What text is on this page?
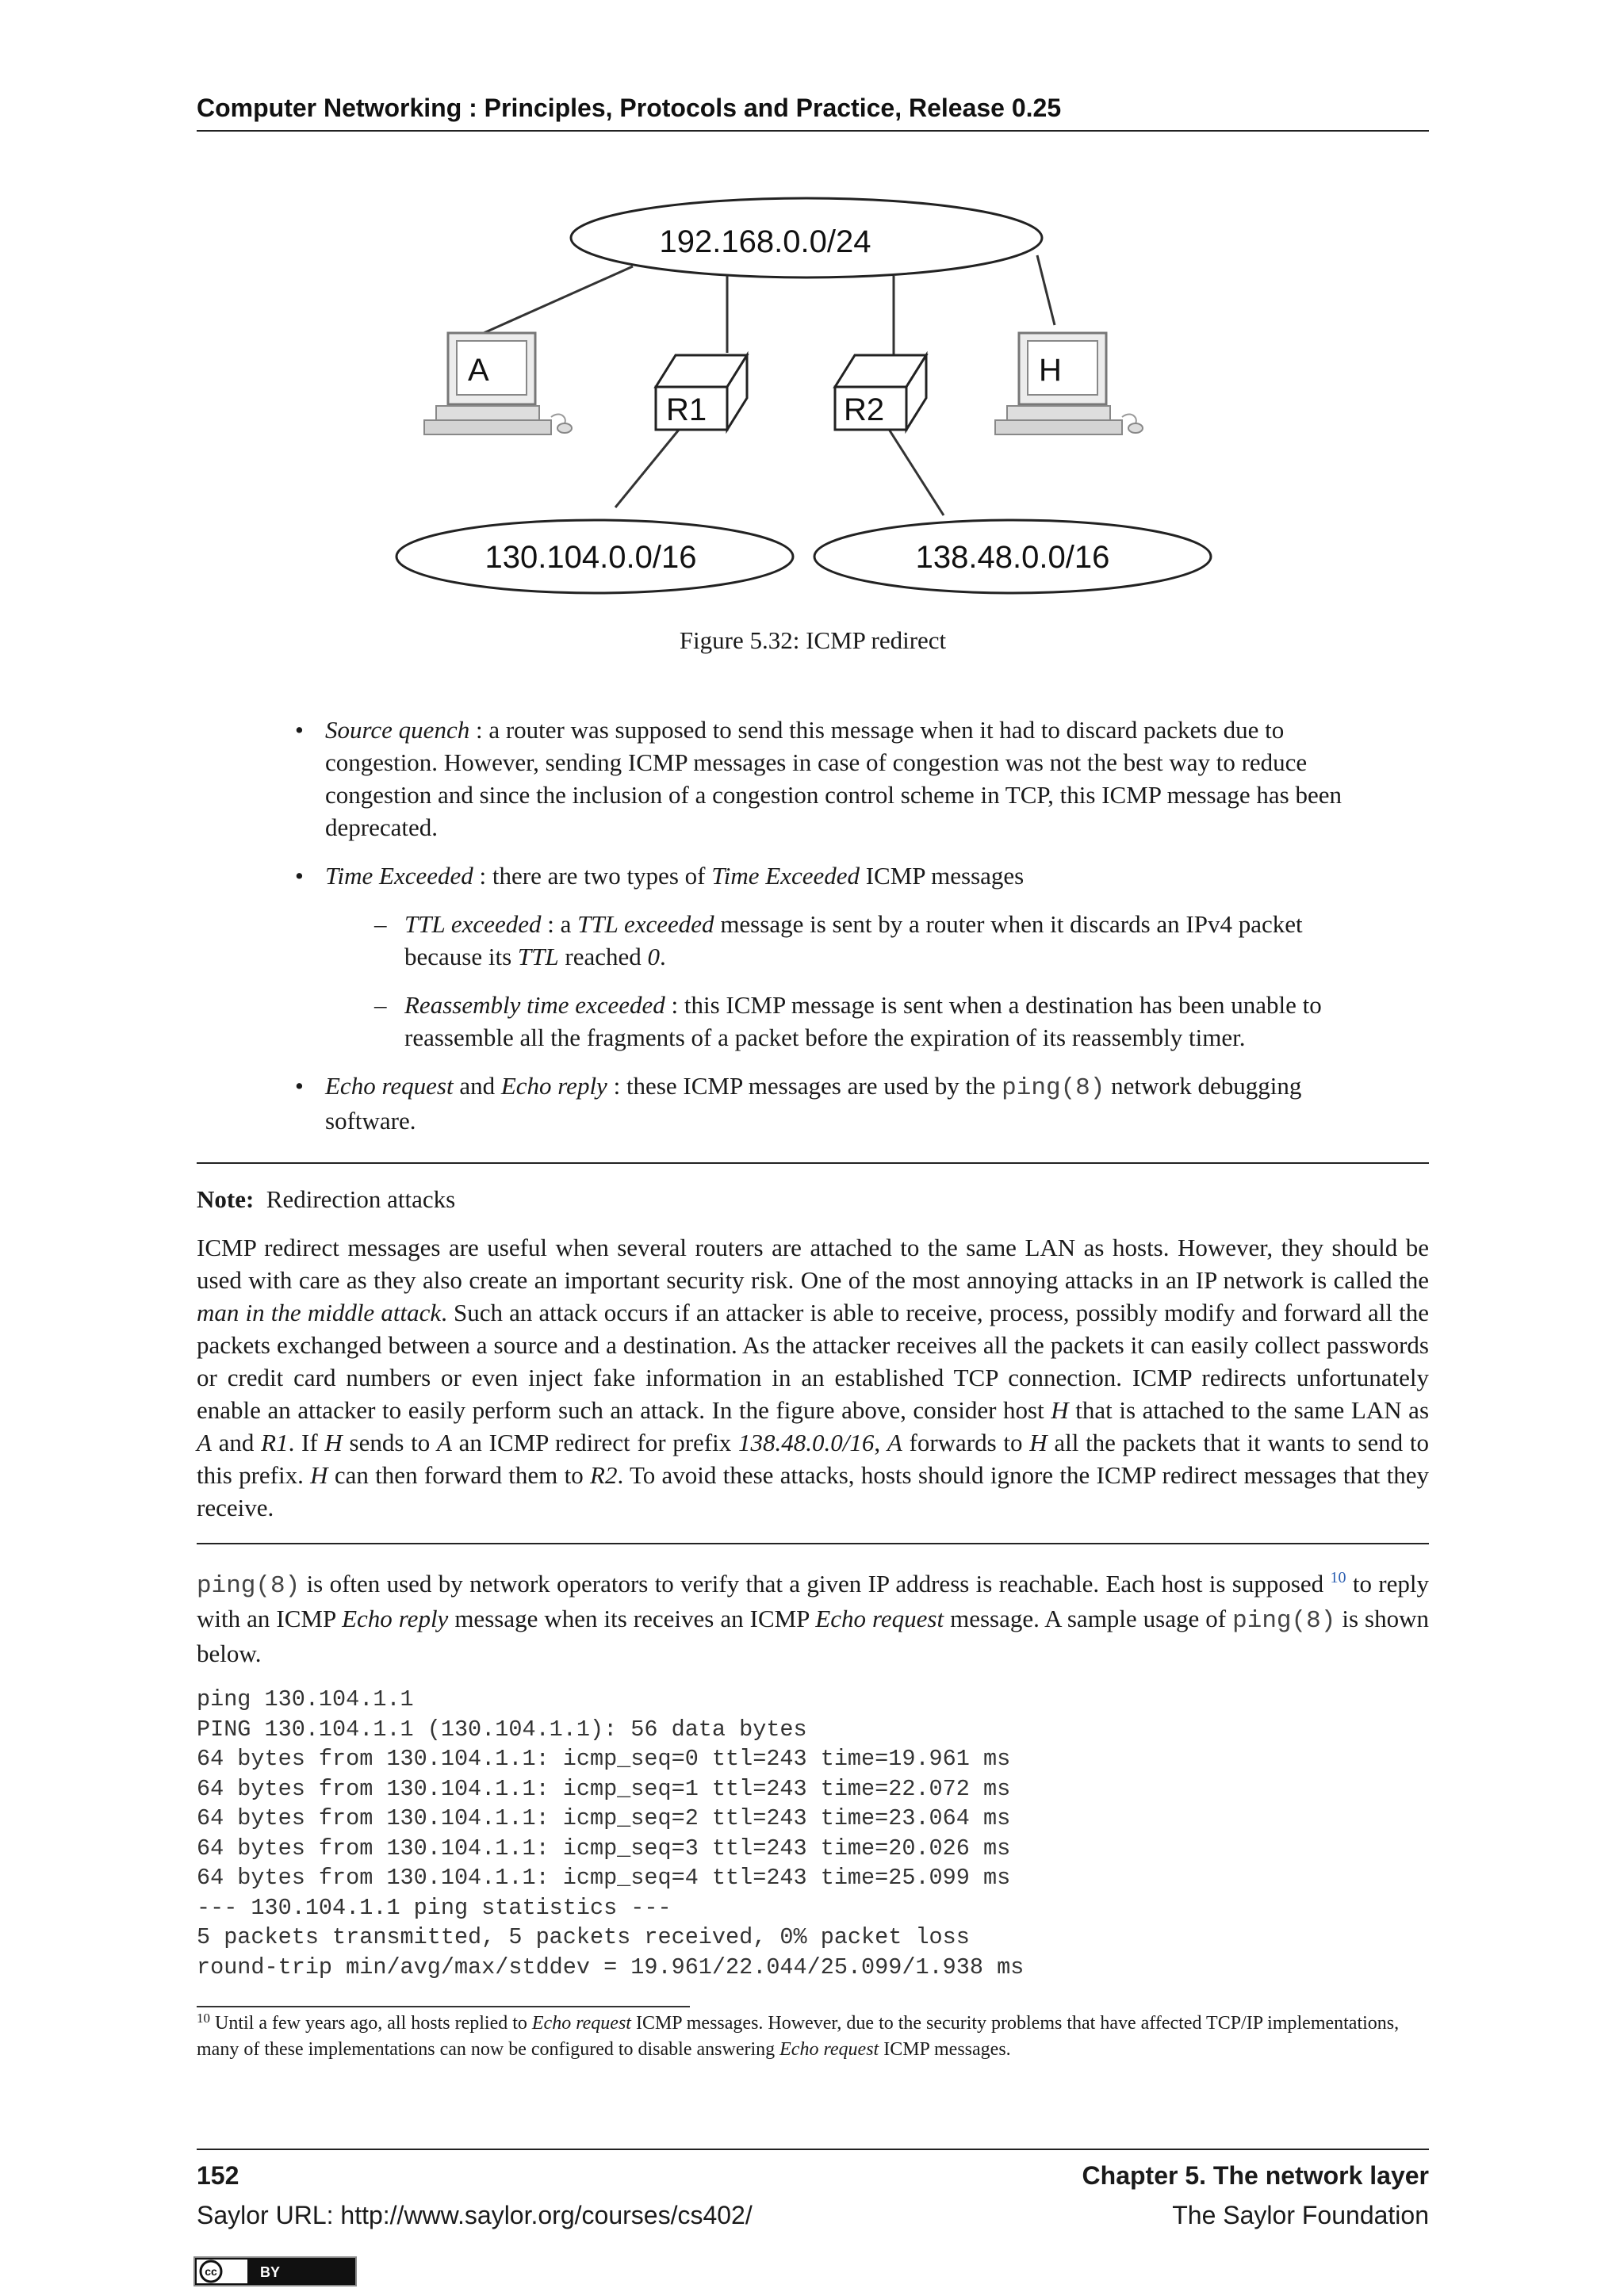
Computer Networking : Principles, Protocols and Practice, Release 0.25
192.168.0.0/24
A	H
R1	R2
130.104.0.0/16	138.48.0.0/16
Figure 5.32: ICMP redirect
• Source quench : a router was supposed to send this message when it had to discard packets due to congestion. However, sending ICMP messages in case of congestion was not the best way to reduce congestion and since the inclusion of a congestion control scheme in TCP, this ICMP message has been deprecated.
• Time Exceeded : there are two types of Time Exceeded ICMP messages
– TTL exceeded : a TTL exceeded message is sent by a router when it discards an IPv4 packet because its TTL reached 0.
– Reassembly time exceeded : this ICMP message is sent when a destination has been unable to reassemble all the fragments of a packet before the expiration of its reassembly timer.
• Echo request and Echo reply : these ICMP messages are used by the ping(8) network debugging software.

Note: Redirection attacks

ICMP redirect messages are useful when several routers are attached to the same LAN as hosts. However, they should be used with care as they also create an important security risk. One of the most annoying attacks in an IP network is called the man in the middle attack. Such an attack occurs if an attacker is able to receive, process, possibly modify and forward all the packets exchanged between a source and a destination. As the attacker receives all the packets it can easily collect passwords or credit card numbers or even inject fake information in an established TCP connection. ICMP redirects unfortunately enable an attacker to easily perform such an attack. In the figure above, consider host H that is attached to the same LAN as A and R1. If H sends to A an ICMP redirect for prefix 138.48.0.0/16, A forwards to H all the packets that it wants to send to this prefix. H can then forward them to R2. To avoid these attacks, hosts should ignore the ICMP redirect messages that they receive.

ping(8) is often used by network operators to verify that a given IP address is reachable. Each host is supposed $^{10}$ to reply with an ICMP Echo reply message when its receives an ICMP Echo request message. A sample usage of ping(8) is shown below.
ping 130.104.1.1
PING 130.104.1.1 (130.104.1.1): 56 data bytes
64 bytes from 130.104.1.1: icmp_seq=0 ttl=243 time=19.961 ms
64 bytes from 130.104.1.1: icmp_seq=1 ttl=243 time=22.072 ms
64 bytes from 130.104.1.1: icmp_seq=2 ttl=243 time=23.064 ms
64 bytes from 130.104.1.1: icmp_seq=3 ttl=243 time=20.026 ms
64 bytes from 130.104.1.1: icmp_seq=4 ttl=243 time=25.099 ms
--- 130.104.1.1 ping statistics ---
5 packets transmitted, 5 packets received, 0% packet loss
round-trip min/avg/max/stddev = 19.961/22.044/25.099/1.938 ms
$^{10}$ Until a few years ago, all hosts replied to Echo request ICMP messages. However, due to the security problems that have affected TCP/IP implementations, many of these implementations can now be configured to disable answering Echo request ICMP messages.
152	Chapter 5. The network layer
Saylor URL: http://www.saylor.org/courses/cs402/	The Saylor Foundation
cc	BY
